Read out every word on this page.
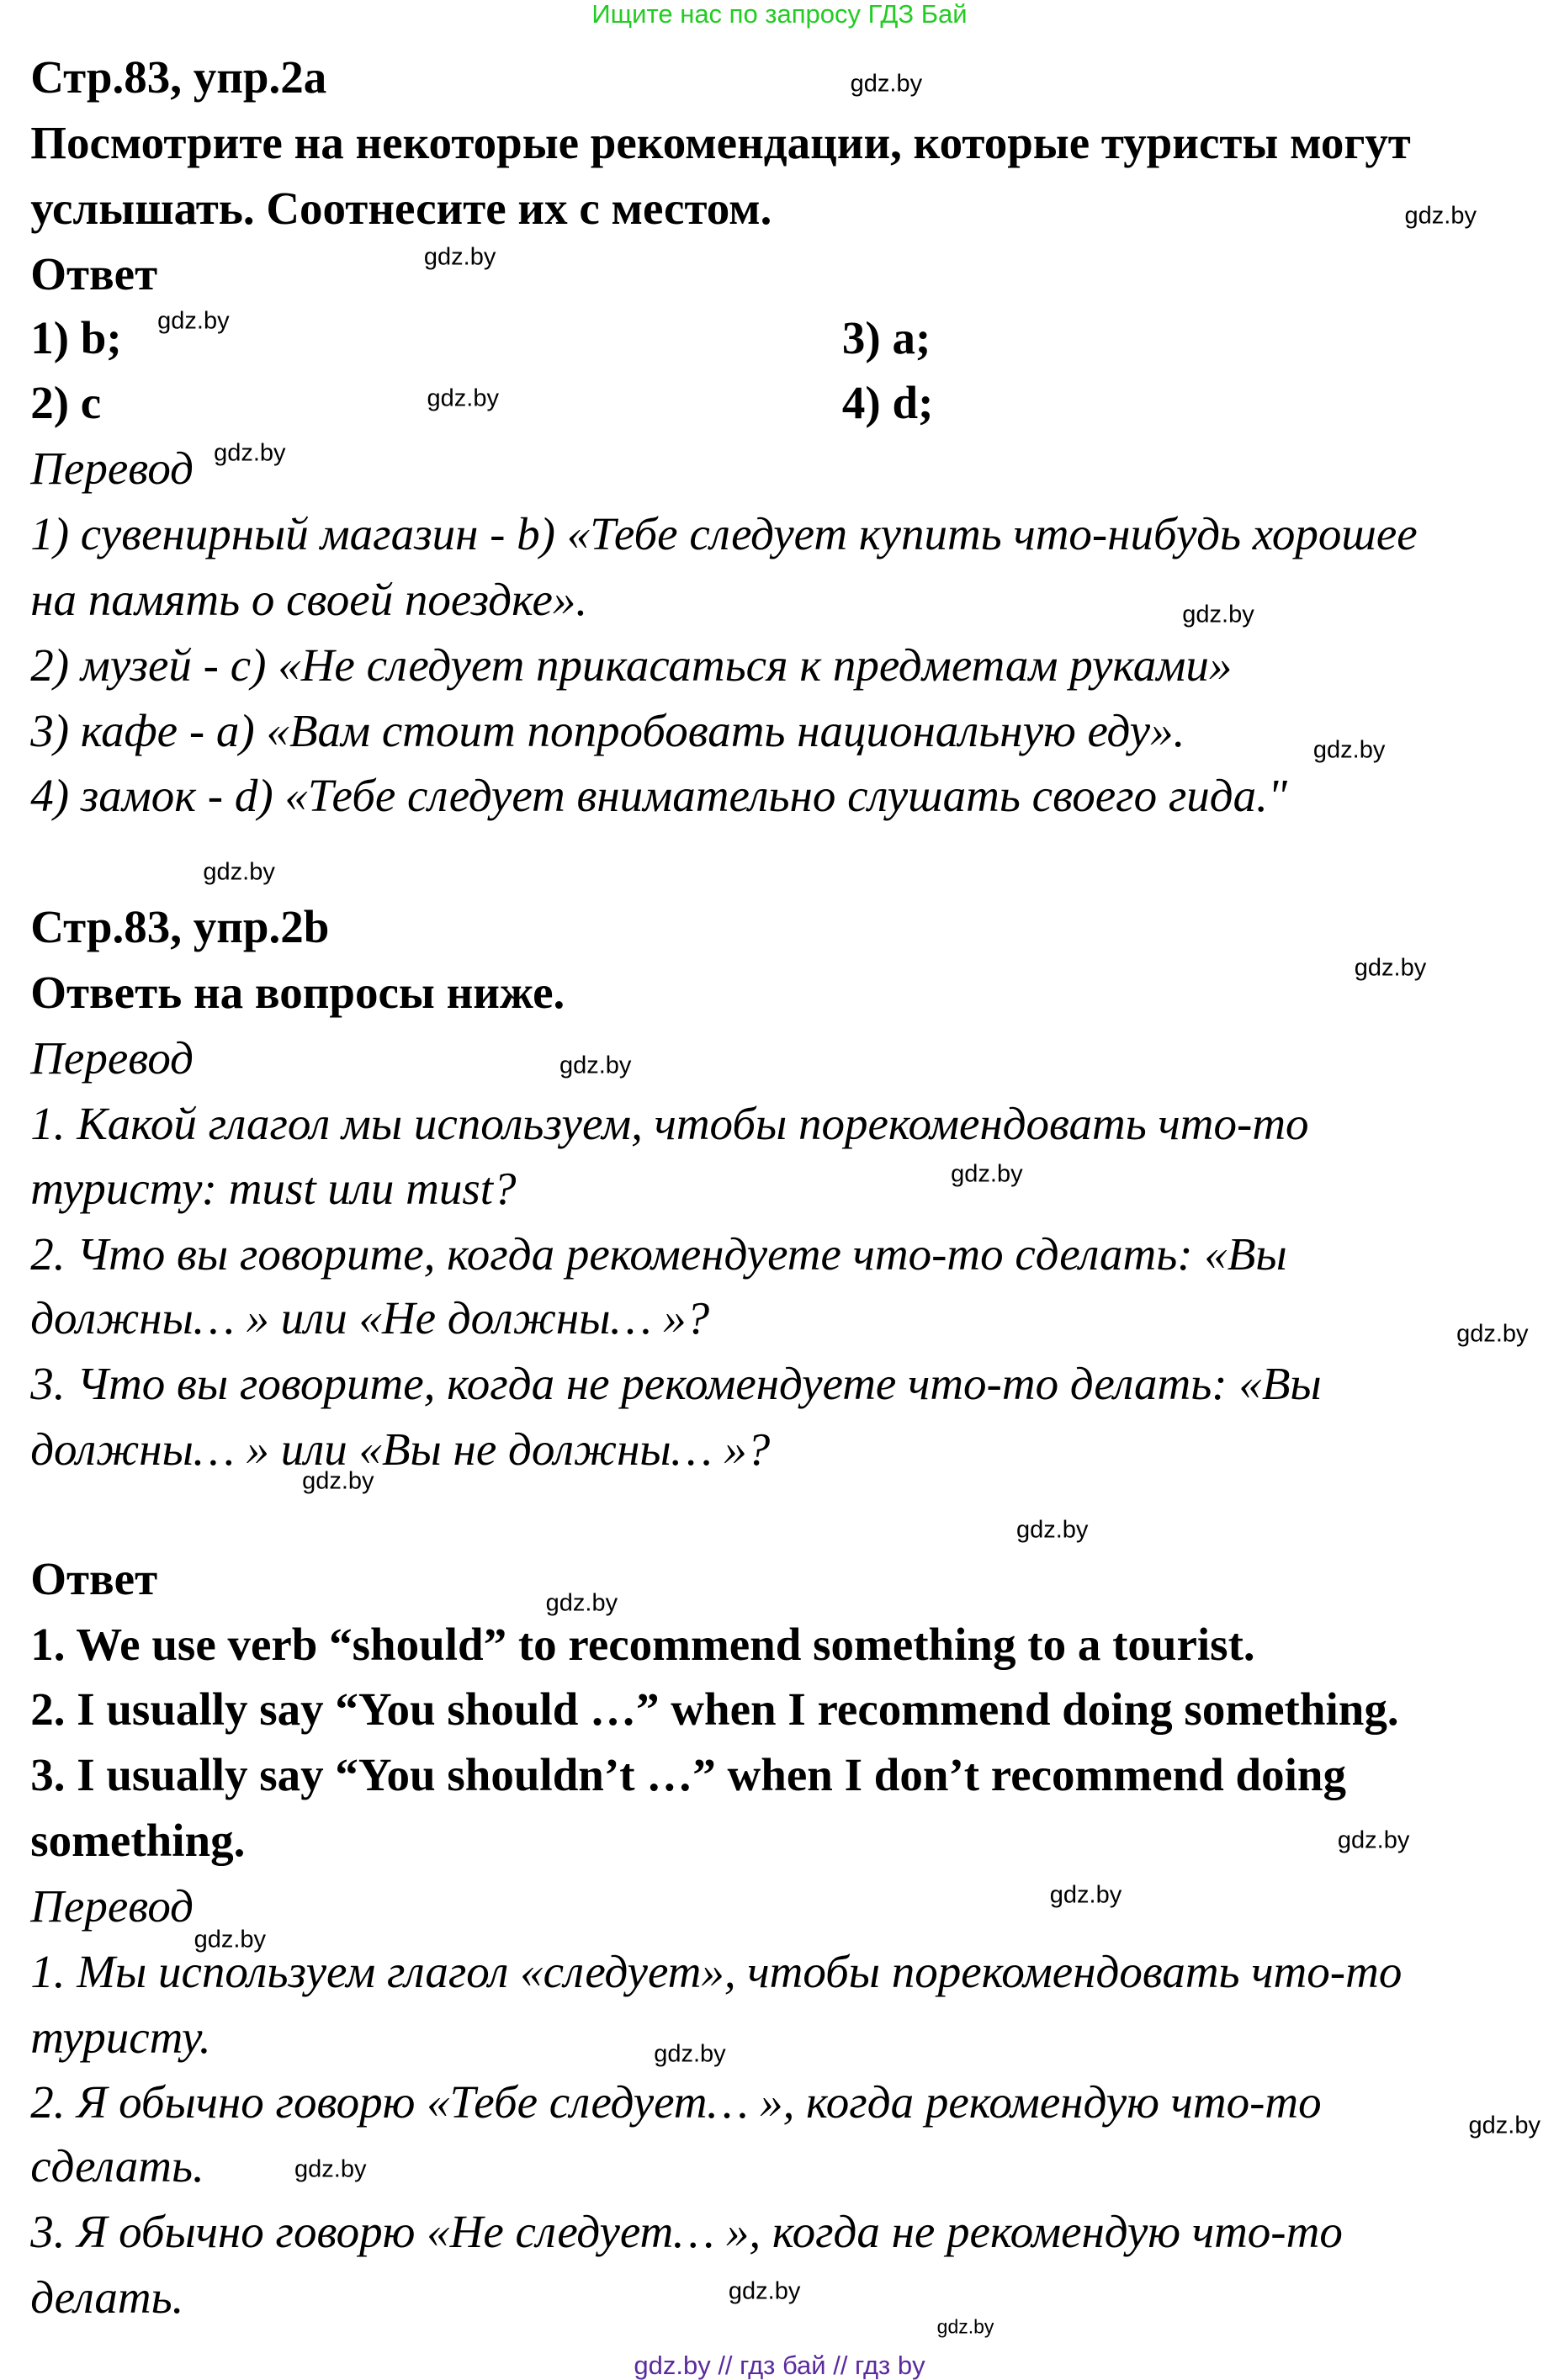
Ищите нас по запросу ГДЗ Бай
Стр.83, упр.2a
Посмотрите на некоторые рекомендации, которые туристы могут
услышать. Соотнесите их с местом.
Ответ
1) b;	3) a;
2) c	4) d;
Перевод
1) сувенирный магазин - b) «Тебе следует купить что-нибудь хорошее
на память о своей поездке».
2) музей - c) «Не следует прикасаться к предметам руками»
3) кафе - a) «Вам стоит попробовать национальную еду».
4) замок - d) «Тебе следует внимательно слушать своего гида."
Стр.83, упр.2b
Ответь на вопросы ниже.
Перевод
1. Какой глагол мы используем, чтобы порекомендовать что-то
туристу: must или must?
2. Что вы говорите, когда рекомендуете что-то сделать: «Вы
должны… » или «Не должны… »?
3. Что вы говорите, когда не рекомендуете что-то делать: «Вы
должны… » или «Вы не должны… »?
Ответ
1. We use verb “should” to recommend something to a tourist.
2. I usually say “You should …” when I recommend doing something.
3. I usually say “You shouldn’t …” when I don’t recommend doing
something.
Перевод
1. Мы используем глагол «следует», чтобы порекомендовать что-то
туристу.
2. Я обычно говорю «Тебе следует… », когда рекомендую что-то
сделать.
3. Я обычно говорю «Не следует… », когда не рекомендую что-то
делать.
gdz.by
gdz.by
gdz.by
gdz.by
gdz.by
gdz.by
gdz.by
gdz.by
gdz.by
gdz.by
gdz.by
gdz.by
gdz.by
gdz.by
gdz.by
gdz.by
gdz.by
gdz.by
gdz.by
gdz.by
gdz.by
gdz.by
gdz.by
gdz.by
gdz.by // гдз бай // гдз by
